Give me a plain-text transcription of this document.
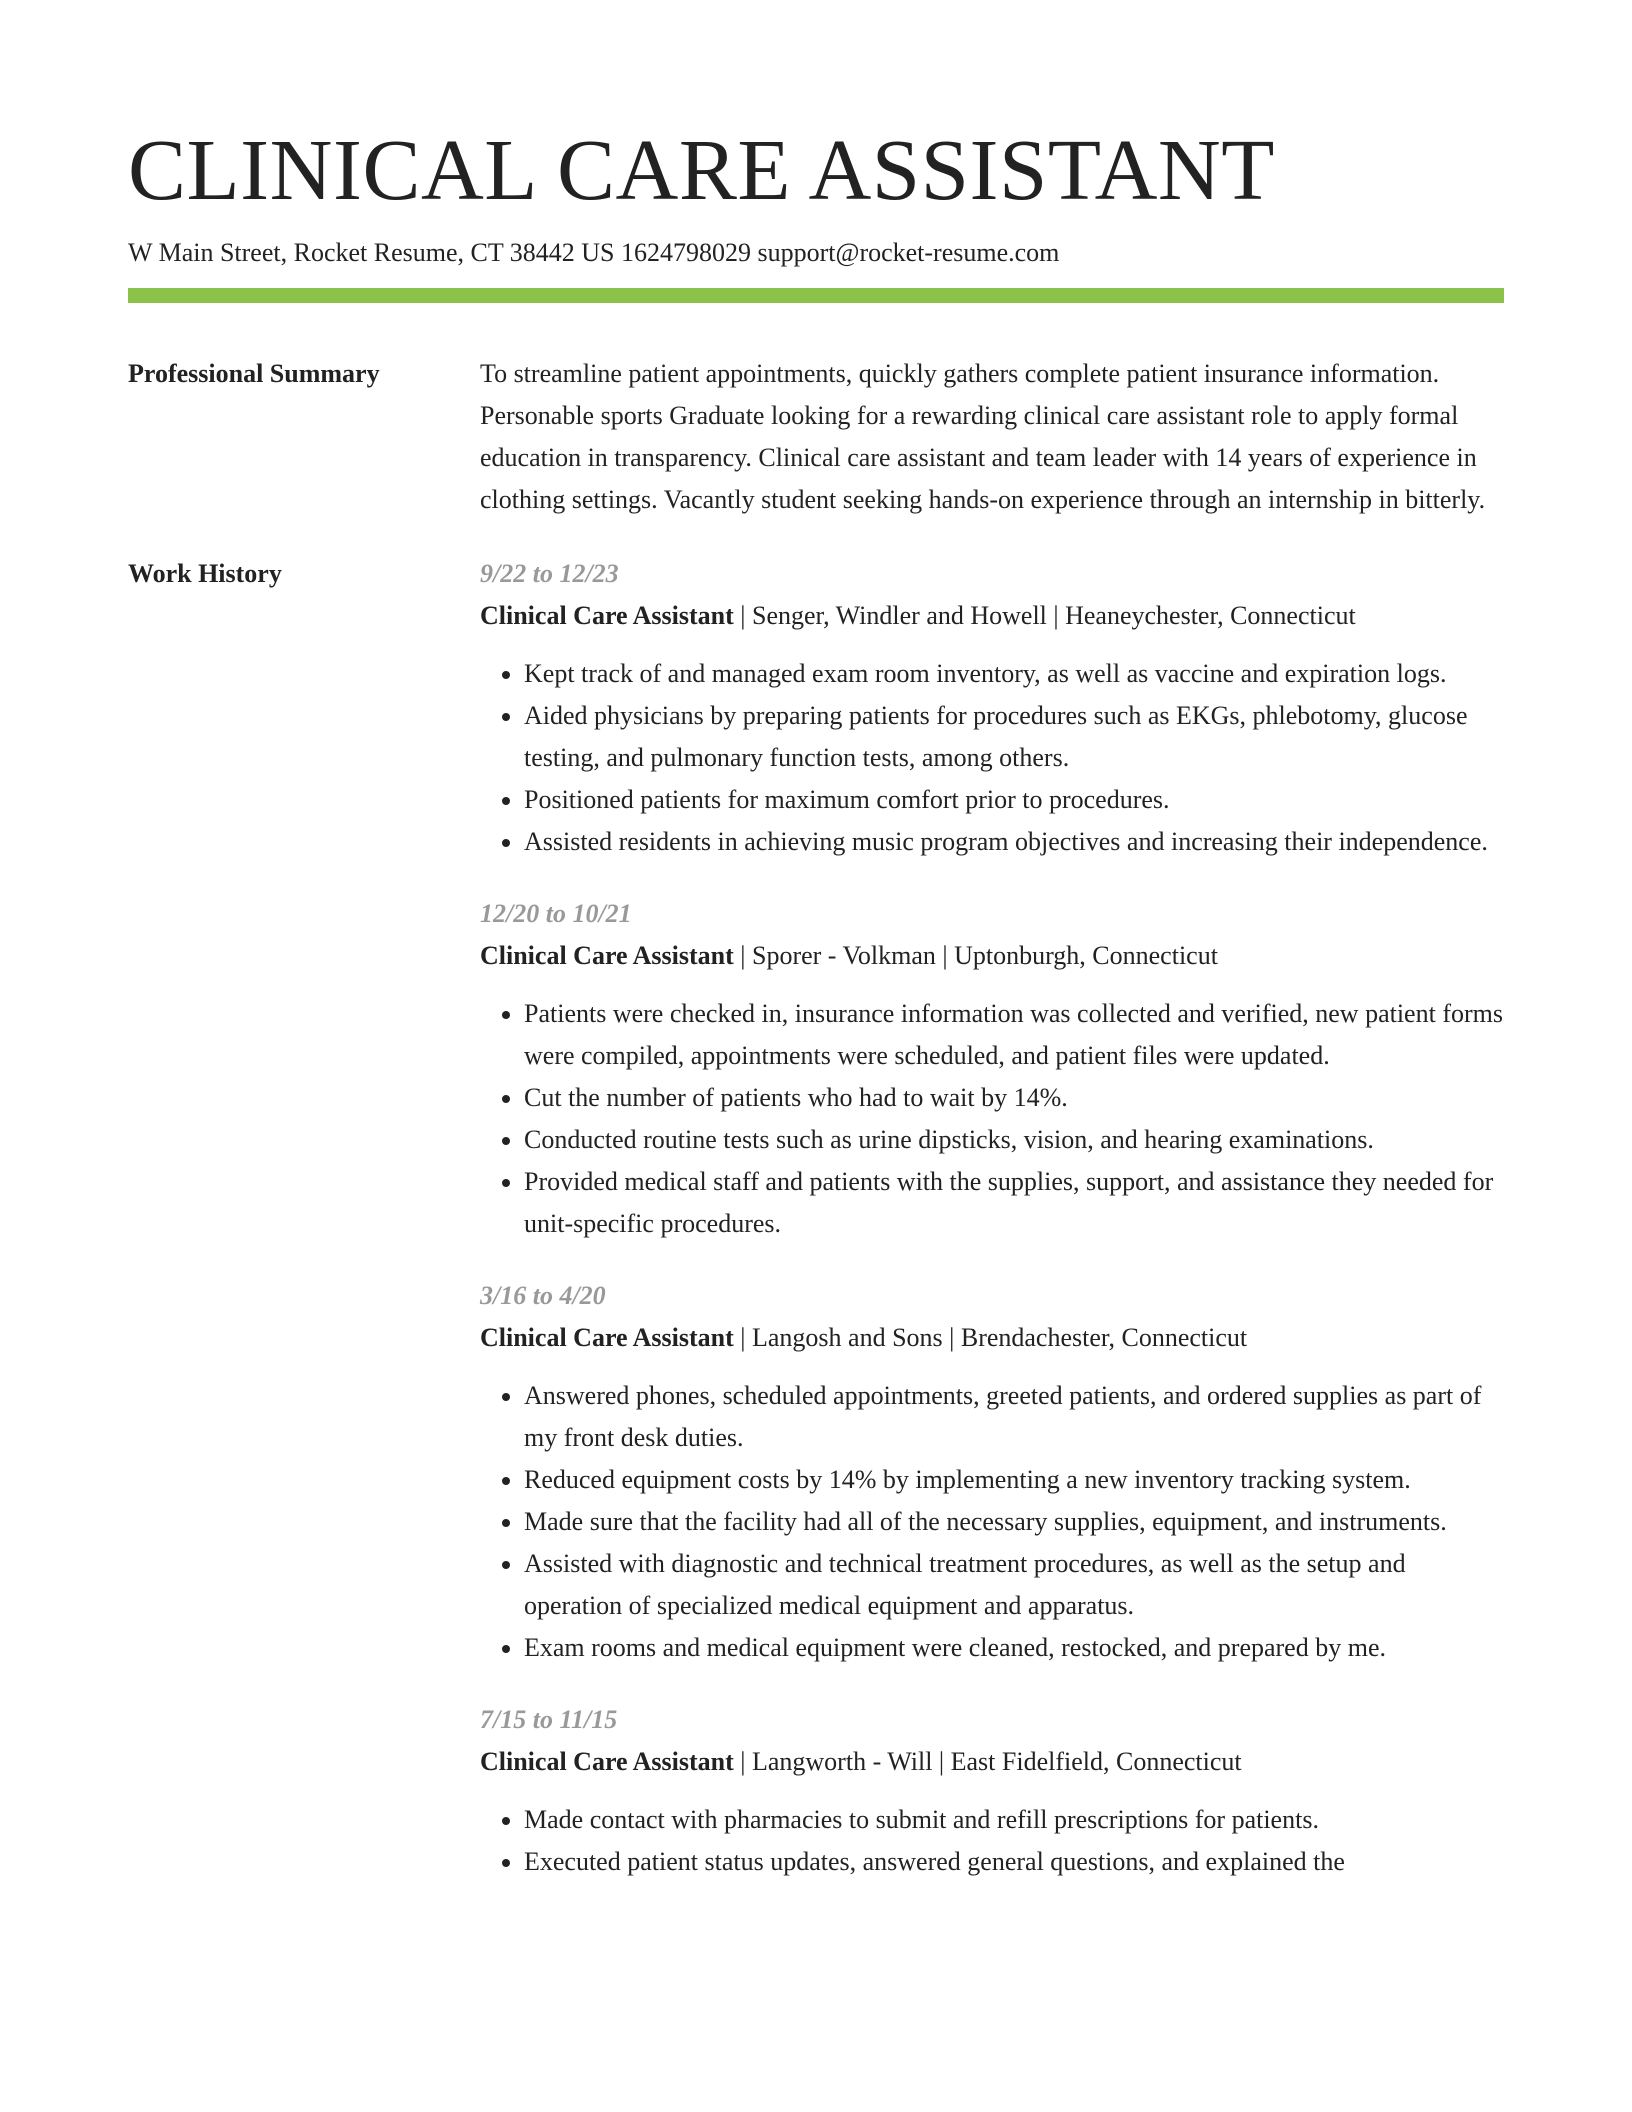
CLINICAL CARE ASSISTANT
W Main Street, Rocket Resume, CT 38442 US 1624798029 support@rocket-resume.com
Professional Summary	To streamline patient appointments, quickly gathers complete patient insurance information. Personable sports Graduate looking for a rewarding clinical care assistant role to apply formal education in transparency. Clinical care assistant and team leader with 14 years of experience in clothing settings. Vacantly student seeking hands-on experience through an internship in bitterly.

Work History	9/22 to 12/23
Clinical Care Assistant | Senger, Windler and Howell | Heaneychester, Connecticut
• Kept track of and managed exam room inventory, as well as vaccine and expiration logs.
• Aided physicians by preparing patients for procedures such as EKGs, phlebotomy, glucose testing, and pulmonary function tests, among others.
• Positioned patients for maximum comfort prior to procedures.
• Assisted residents in achieving music program objectives and increasing their independence.
12/20 to 10/21
Clinical Care Assistant | Sporer - Volkman | Uptonburgh, Connecticut
• Patients were checked in, insurance information was collected and verified, new patient forms were compiled, appointments were scheduled, and patient files were updated.
• Cut the number of patients who had to wait by 14%.
• Conducted routine tests such as urine dipsticks, vision, and hearing examinations.
• Provided medical staff and patients with the supplies, support, and assistance they needed for unit-specific procedures.
3/16 to 4/20
Clinical Care Assistant | Langosh and Sons | Brendachester, Connecticut
• Answered phones, scheduled appointments, greeted patients, and ordered supplies as part of my front desk duties.
• Reduced equipment costs by 14% by implementing a new inventory tracking system.
• Made sure that the facility had all of the necessary supplies, equipment, and instruments.
• Assisted with diagnostic and technical treatment procedures, as well as the setup and operation of specialized medical equipment and apparatus.
• Exam rooms and medical equipment were cleaned, restocked, and prepared by me.
7/15 to 11/15
Clinical Care Assistant | Langworth - Will | East Fidelfield, Connecticut
• Made contact with pharmacies to submit and refill prescriptions for patients.
• Executed patient status updates, answered general questions, and explained the
